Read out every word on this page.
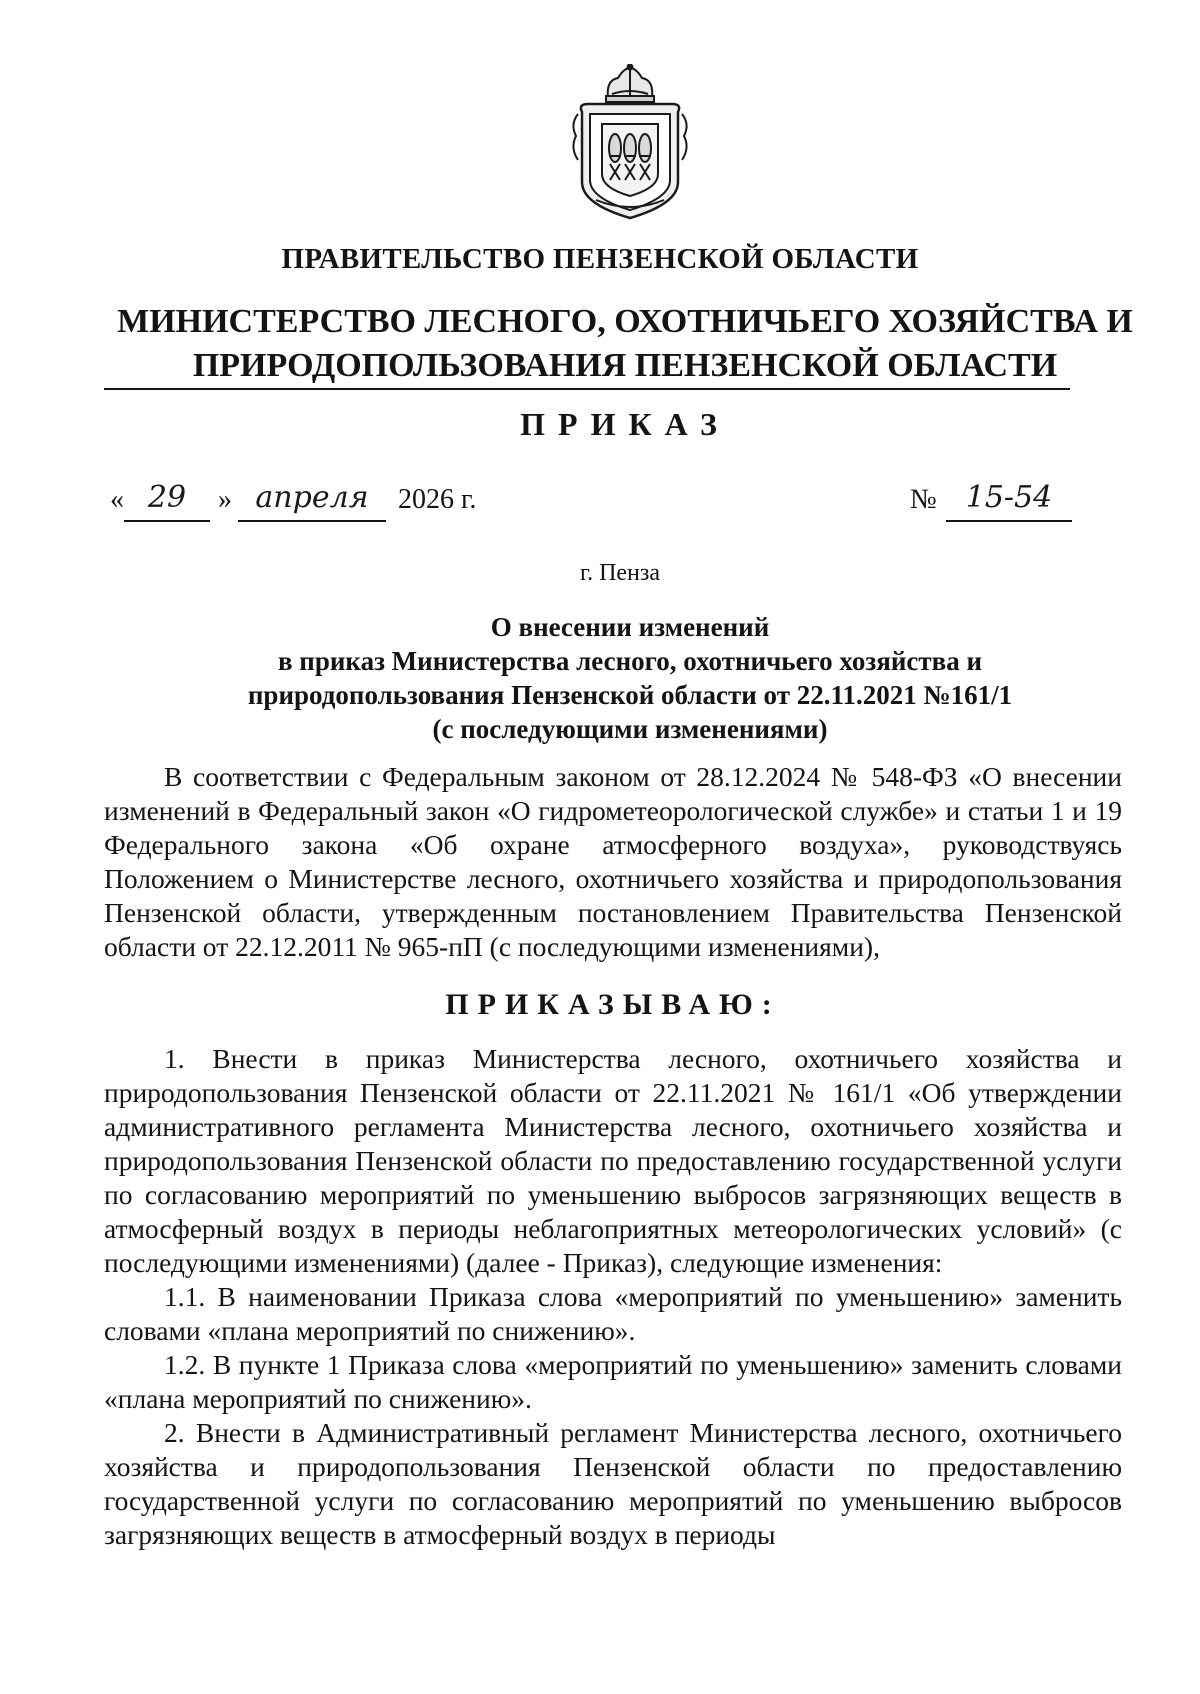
ПРАВИТЕЛЬСТВО ПЕНЗЕНСКОЙ ОБЛАСТИ
МИНИСТЕРСТВО ЛЕСНОГО, ОХОТНИЧЬЕГО ХОЗЯЙСТВА И
ПРИРОДОПОЛЬЗОВАНИЯ ПЕНЗЕНСКОЙ ОБЛАСТИ
ПРИКАЗ
« 29	» апреля	2026 г.	№ 15-54
г. Пенза
О внесении изменений
в приказ Министерства лесного, охотничьего хозяйства и
природопользования Пензенской области от 22.11.2021 №161/1
(с последующими изменениями)

В соответствии с Федеральным законом от 28.12.2024 № 548-ФЗ «О внесении изменений в Федеральный закон «О гидрометеорологической службе» и статьи 1 и 19 Федерального закона «Об охране атмосферного воздуха», руководствуясь Положением о Министерстве лесного, охотничьего хозяйства и природопользования Пензенской области, утвержденным постановлением Правительства Пензенской области от 22.12.2011 № 965-пП (с последующими изменениями),

ПРИКАЗЫВАЮ:

1. Внести в приказ Министерства лесного, охотничьего хозяйства и природопользования Пензенской области от 22.11.2021 № 161/1 «Об утверждении административного регламента Министерства лесного, охотничьего хозяйства и природопользования Пензенской области по предоставлению государственной услуги по согласованию мероприятий по уменьшению выбросов загрязняющих веществ в атмосферный воздух в периоды неблагоприятных метеорологических условий» (с последующими изменениями) (далее - Приказ), следующие изменения:

1.1. В наименовании Приказа слова «мероприятий по уменьшению» заменить словами «плана мероприятий по снижению».

1.2. В пункте 1 Приказа слова «мероприятий по уменьшению» заменить словами «плана мероприятий по снижению».

2. Внести в Административный регламент Министерства лесного, охотничьего хозяйства и природопользования Пензенской области по предоставлению государственной услуги по согласованию мероприятий по уменьшению выбросов загрязняющих веществ в атмосферный воздух в периоды
